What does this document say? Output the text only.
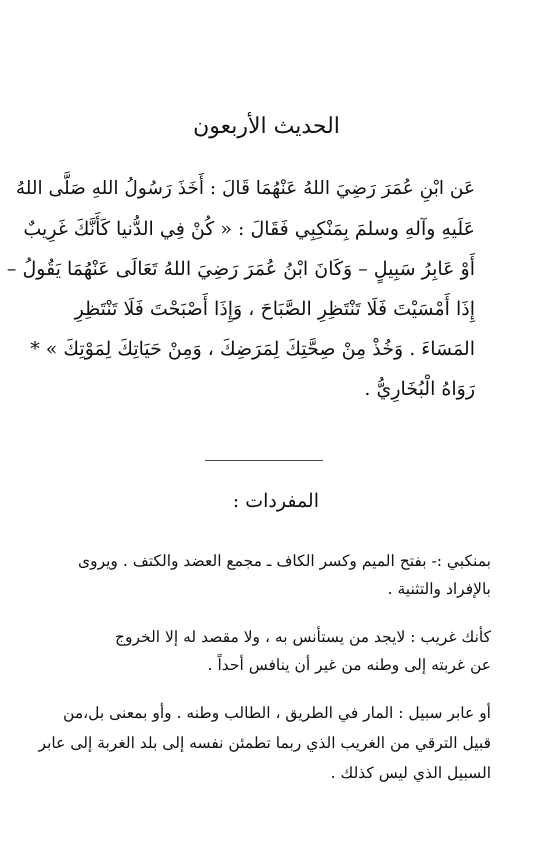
الحديث الأربعون
عَن ابْنِ عُمَرَ رَضِيَ اللهُ عَنْهُمَا قَالَ : أَخَذَ رَسُولُ اللهِ صَلَّى اللهُ
عَلَيهِ وآلهِ وسلمَ بِمَنْكِبِي فَقَالَ : « كُنْ فِي الدُّنيا كَأَنَّكَ غَرِيبٌ
أَوْ عَابِرُ سَبِيلٍ – وَكَانَ ابْنُ عُمَرَ رَضِيَ اللهُ تَعَالَى عَنْهُمَا يَقُولُ –
إِذَا أَمْسَيْتَ فَلَا تَنْتَظِرِ الصَّبَاحَ ، وَإِذَا أَصْبَحْتَ فَلَا تَنْتَظِرِ
المَسَاءَ . وَخُذْ مِنْ صِحَّتِكَ لِمَرَضِكَ ، وَمِنْ حَيَاتِكَ لِمَوْتِكَ » *
رَوَاهُ الْبُخَارِيُّ .
المفردات :
بمنكبي :- بفتح الميم وكسر الكاف ـ مجمع العضد والكتف . ويروى
بالإفراد والتثنية .
كأنك غريب : لايجد من يستأنس به ، ولا مقصد له إلا الخروج
عن غربته إلى وطنه من غير أن ينافس أحداً .
أو عابر سبيل : المار في الطريق ، الطالب وطنه . وأو بمعنى بل،من
قبيل الترقي من الغريب الذي ربما تطمئن نفسه إلى بلد الغربة إلى عابر
السبيل الذي ليس كذلك .
